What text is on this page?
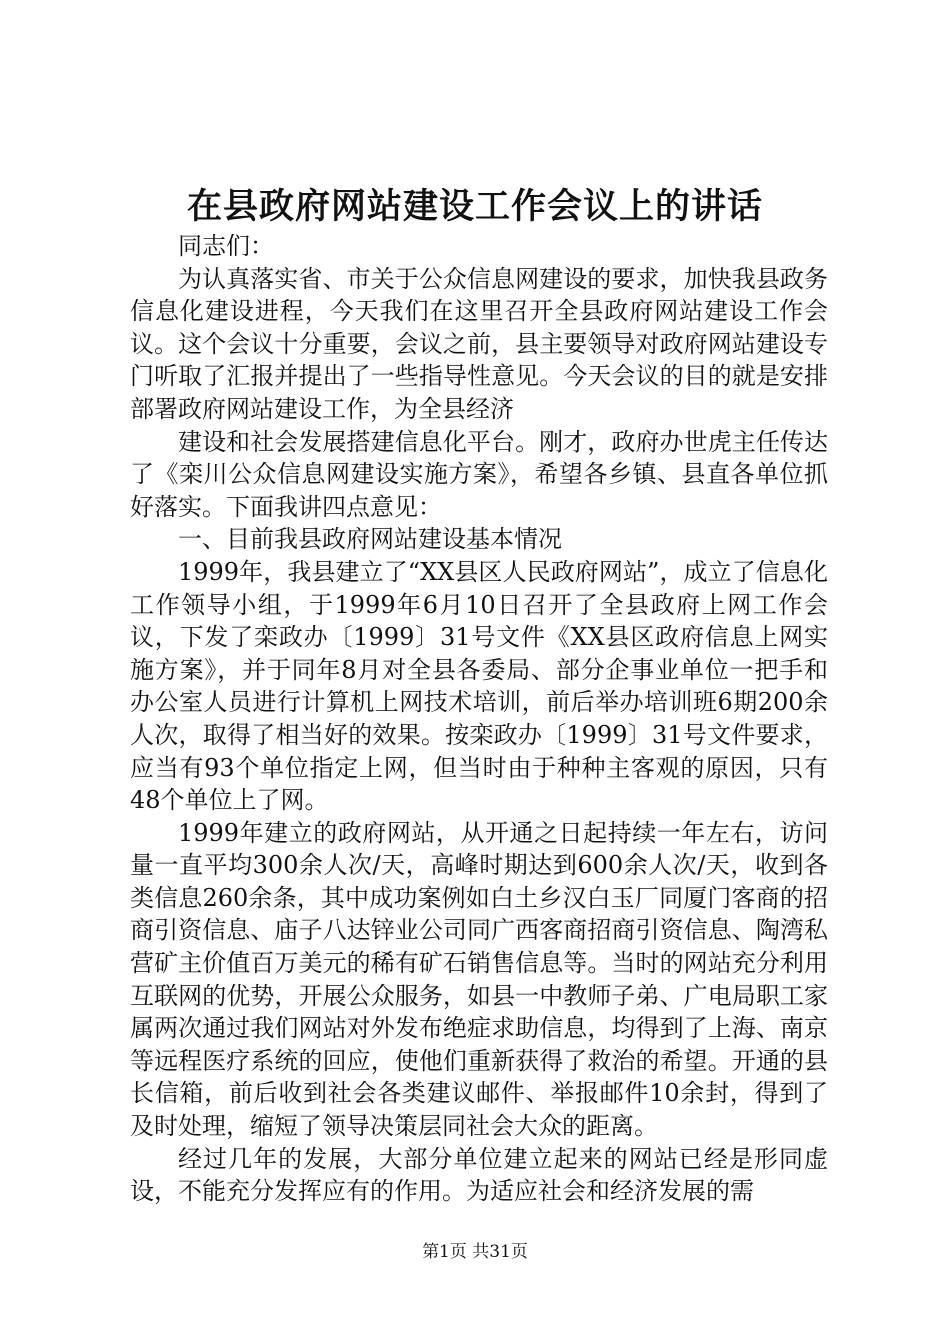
在县政府网站建设工作会议上的讲话

同志们：

为认真落实省、市关于公众信息网建设的要求，加快我县政务信息化建设进程，今天我们在这里召开全县政府网站建设工作会议。这个会议十分重要，会议之前，县主要领导对政府网站建设专门听取了汇报并提出了一些指导性意见。今天会议的目的就是安排部署政府网站建设工作，为全县经济

建设和社会发展搭建信息化平台。刚才，政府办世虎主任传达了《栾川公众信息网建设实施方案》，希望各乡镇、县直各单位抓好落实。下面我讲四点意见：

一、目前我县政府网站建设基本情况

1999年，我县建立了“XX县区人民政府网站”，成立了信息化工作领导小组，于1999年6月10日召开了全县政府上网工作会议，下发了栾政办〔1999〕31号文件《XX县区政府信息上网实施方案》，并于同年8月对全县各委局、部分企事业单位一把手和办公室人员进行计算机上网技术培训，前后举办培训班6期200余人次，取得了相当好的效果。按栾政办〔1999〕31号文件要求，应当有93个单位指定上网，但当时由于种种主客观的原因，只有48个单位上了网。

1999年建立的政府网站，从开通之日起持续一年左右，访问量一直平均300余人次/天，高峰时期达到600余人次/天，收到各类信息260余条，其中成功案例如白土乡汉白玉厂同厦门客商的招商引资信息、庙子八达锌业公司同广西客商招商引资信息、陶湾私营矿主价值百万美元的稀有矿石销售信息等。当时的网站充分利用互联网的优势，开展公众服务，如县一中教师子弟、广电局职工家属两次通过我们网站对外发布绝症求助信息，均得到了上海、南京等远程医疗系统的回应，使他们重新获得了救治的希望。开通的县长信箱，前后收到社会各类建议邮件、举报邮件10余封，得到了及时处理，缩短了领导决策层同社会大众的距离。

经过几年的发展，大部分单位建立起来的网站已经是形同虚设，不能充分发挥应有的作用。为适应社会和经济发展的需

第1页 共31页
